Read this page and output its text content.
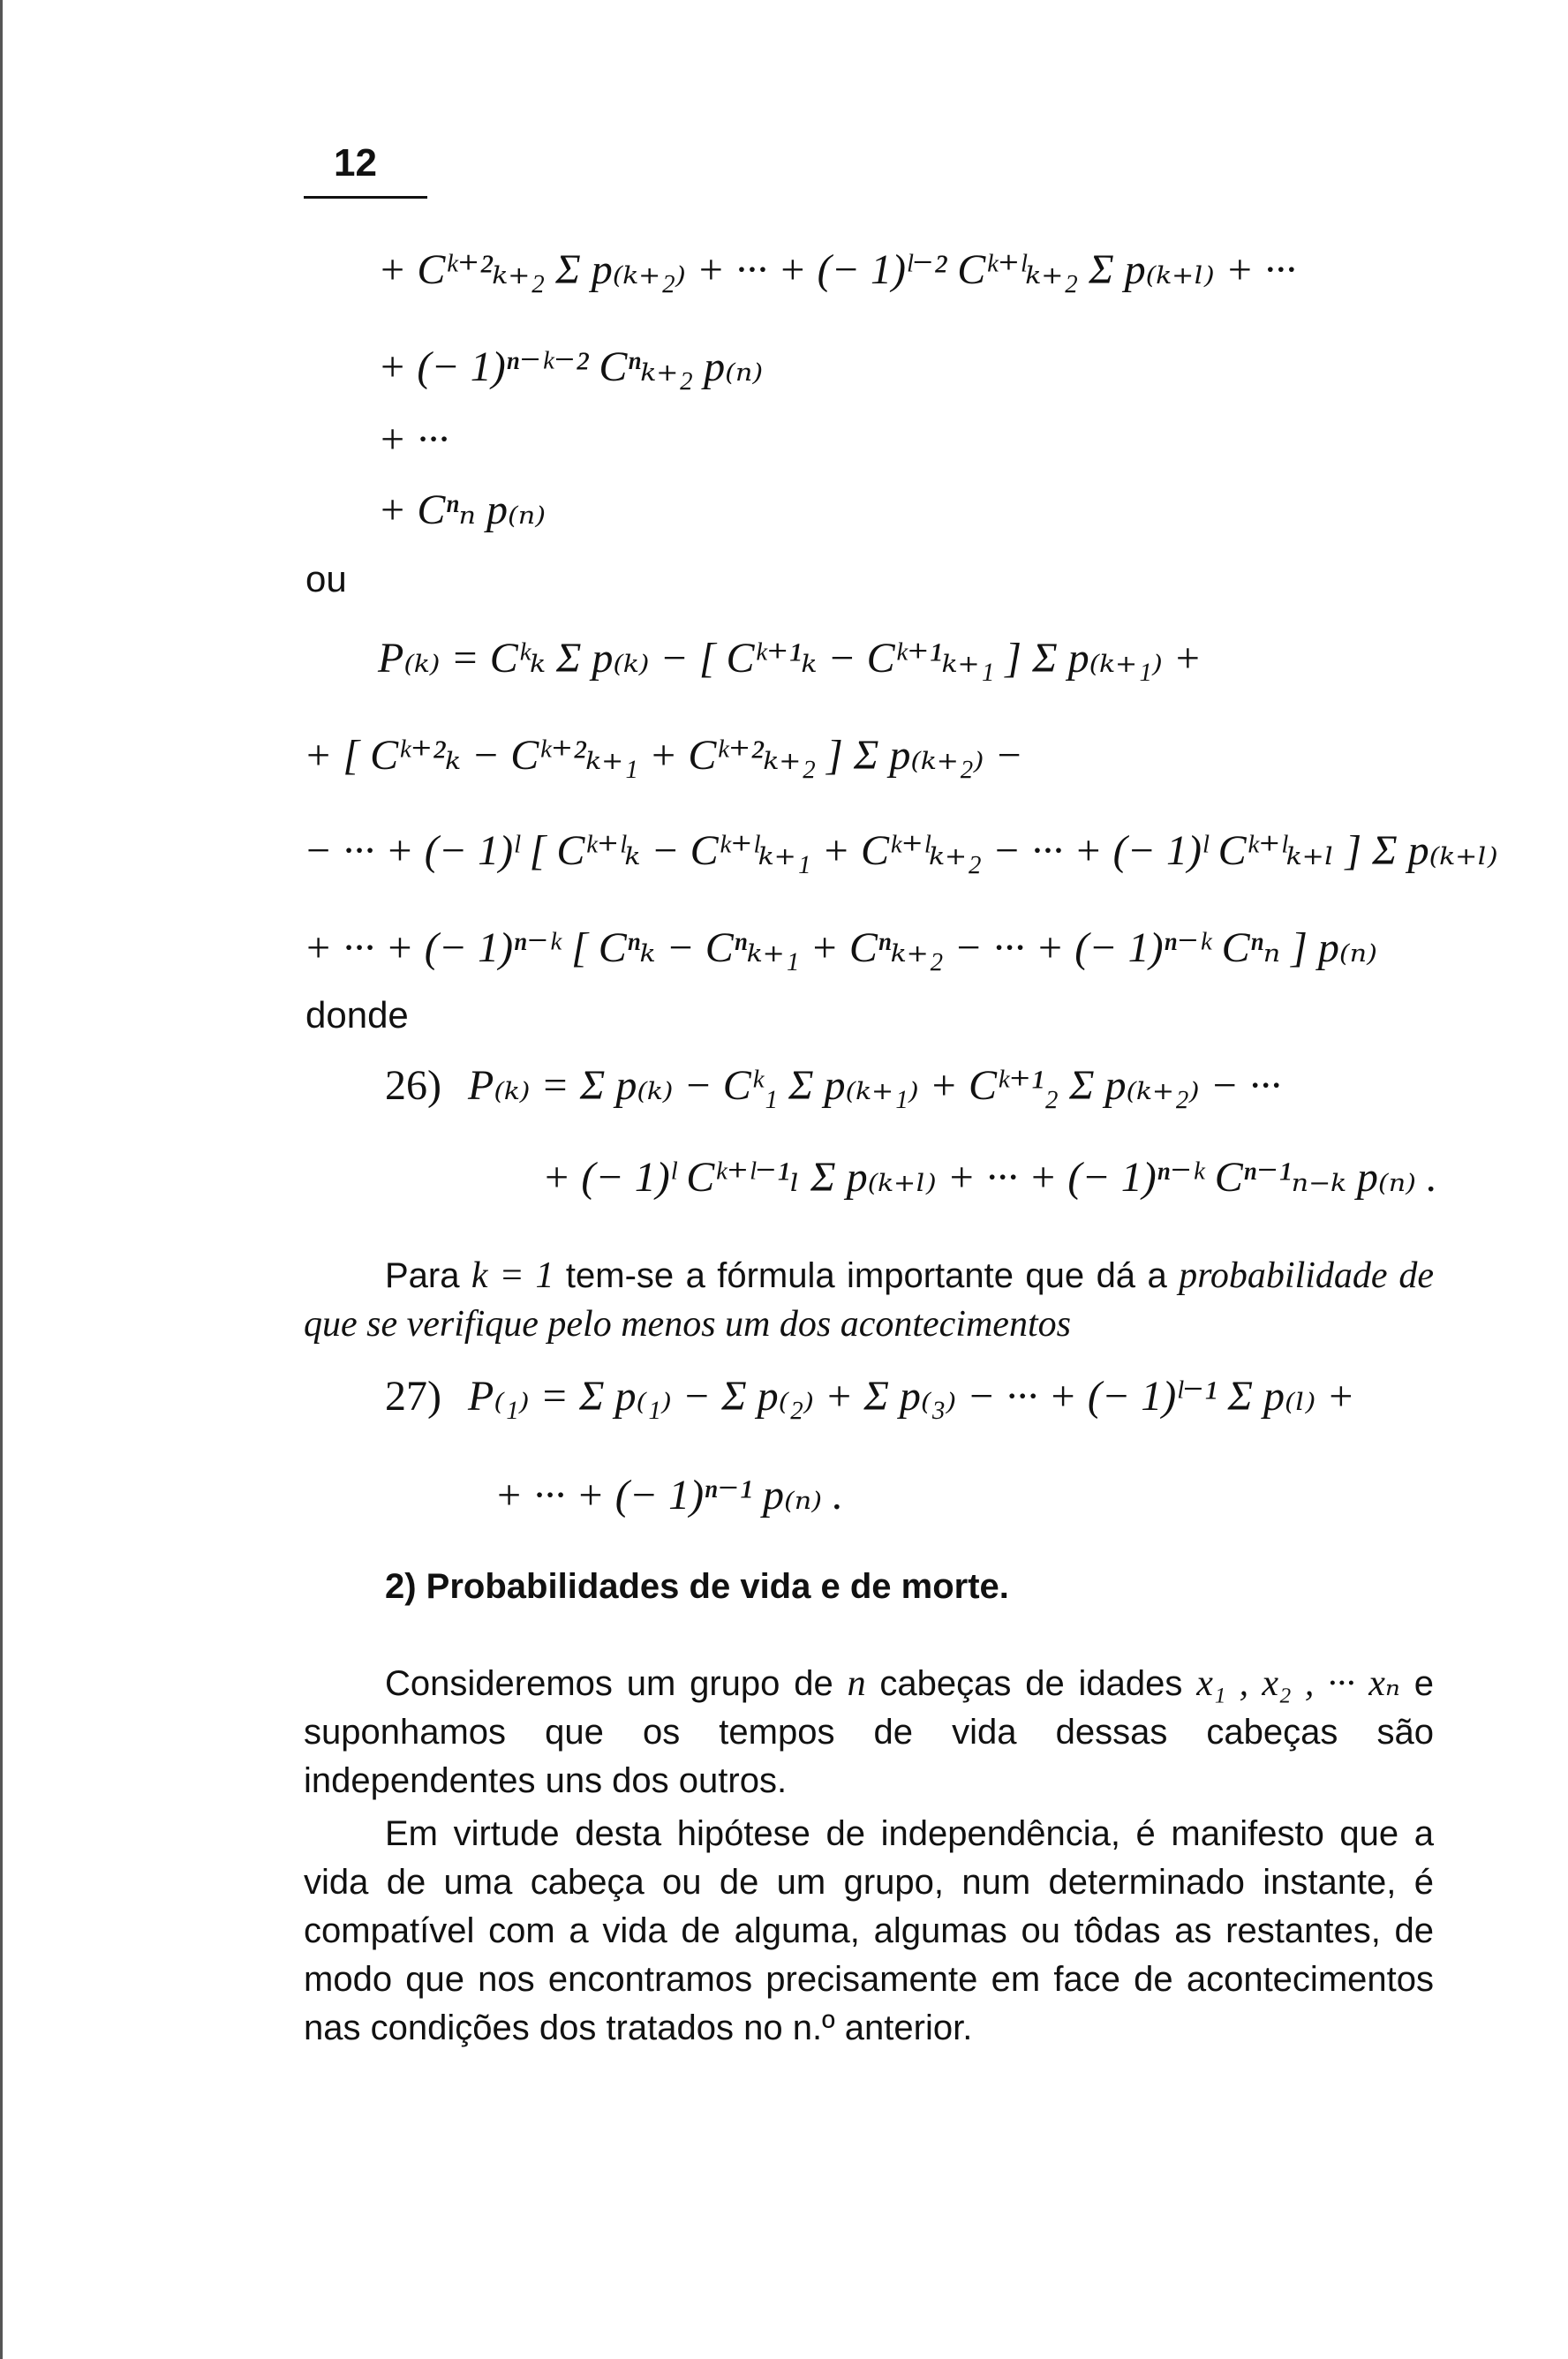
12
+ Cᵏ⁺²ₖ₊₂ Σ p₍ₖ₊₂₎ + ··· + (− 1)ˡ⁻² Cᵏ⁺ˡₖ₊₂ Σ p₍ₖ₊ₗ₎ + ···
+ (− 1)ⁿ⁻ᵏ⁻² Cⁿₖ₊₂ p₍ₙ₎
+ ···
+ Cⁿₙ p₍ₙ₎
ou
P₍ₖ₎ = Cᵏₖ Σ p₍ₖ₎ − [ Cᵏ⁺¹ₖ − Cᵏ⁺¹ₖ₊₁ ] Σ p₍ₖ₊₁₎ +
+ [ Cᵏ⁺²ₖ − Cᵏ⁺²ₖ₊₁ + Cᵏ⁺²ₖ₊₂ ] Σ p₍ₖ₊₂₎ −
− ··· + (− 1)ˡ [ Cᵏ⁺ˡₖ − Cᵏ⁺ˡₖ₊₁ + Cᵏ⁺ˡₖ₊₂ − ··· + (− 1)ˡ Cᵏ⁺ˡₖ₊ₗ ] Σ p₍ₖ₊ₗ₎
+ ··· + (− 1)ⁿ⁻ᵏ [ Cⁿₖ − Cⁿₖ₊₁ + Cⁿₖ₊₂ − ··· + (− 1)ⁿ⁻ᵏ Cⁿₙ ] p₍ₙ₎
donde
26) P₍ₖ₎ = Σ p₍ₖ₎ − Cᵏ₁ Σ p₍ₖ₊₁₎ + Cᵏ⁺¹₂ Σ p₍ₖ₊₂₎ − ···
+ (− 1)ˡ Cᵏ⁺ˡ⁻¹ₗ Σ p₍ₖ₊ₗ₎ + ··· + (− 1)ⁿ⁻ᵏ Cⁿ⁻¹ₙ₋ₖ p₍ₙ₎ .

Para k = 1 tem-se a fórmula importante que dá a probabilidade de que se verifique pelo menos um dos acontecimentos

27) P₍₁₎ = Σ p₍₁₎ − Σ p₍₂₎ + Σ p₍₃₎ − ··· + (− 1)ˡ⁻¹ Σ p₍ₗ₎ +
+ ··· + (− 1)ⁿ⁻¹ p₍ₙ₎ .
2) Probabilidades de vida e de morte.

Consideremos um grupo de n cabeças de idades x₁ , x₂ , ··· xₙ e suponhamos que os tempos de vida dessas cabeças são independentes uns dos outros.

Em virtude desta hipótese de independência, é manifesto que a vida de uma cabeça ou de um grupo, num determinado instante, é compatível com a vida de alguma, algumas ou tôdas as restantes, de modo que nos encontramos precisamente em face de acontecimentos nas condições dos tratados no n.º anterior.
